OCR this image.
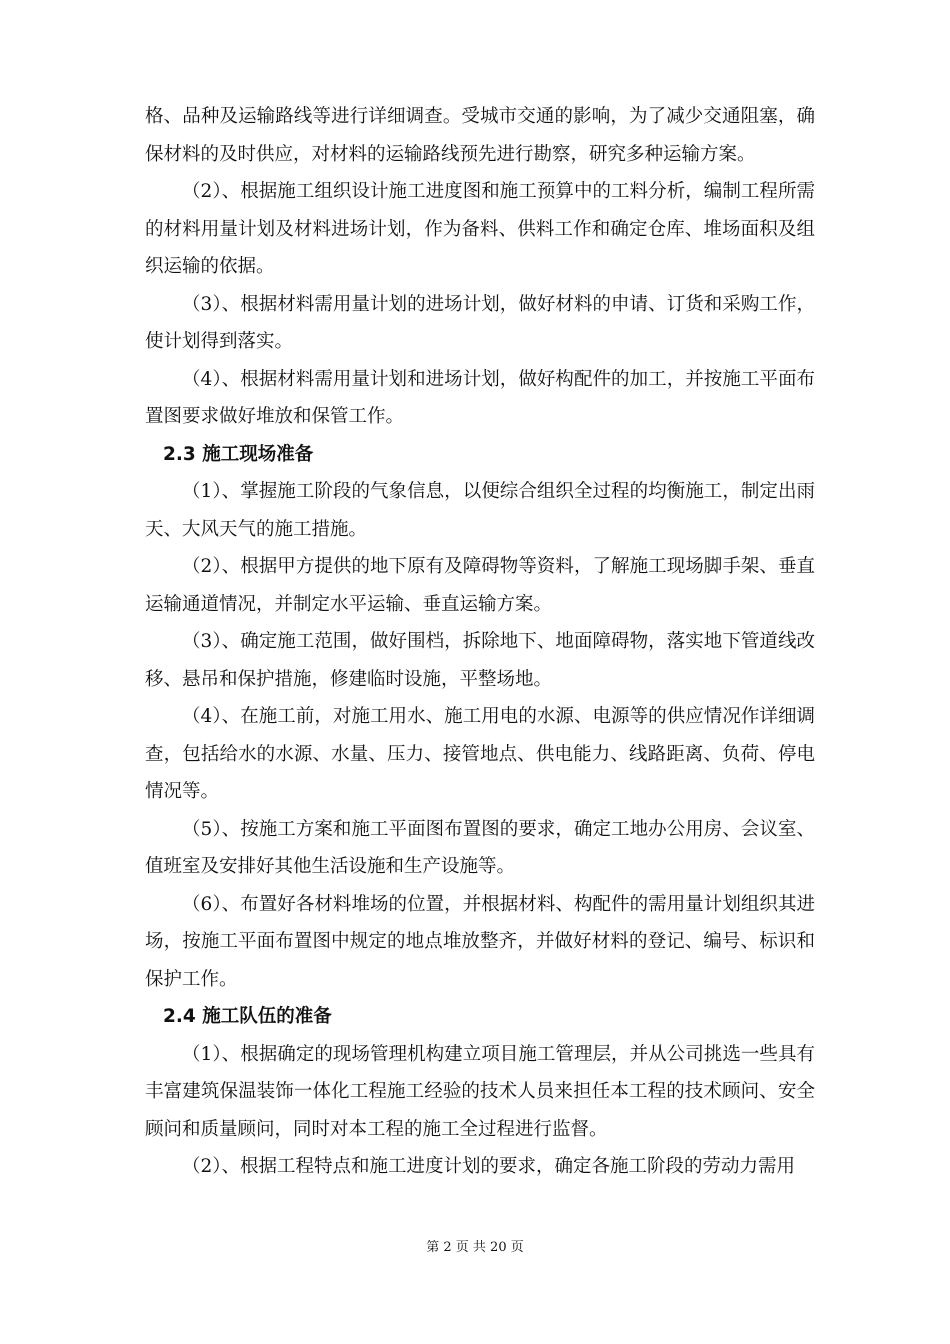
格、品种及运输路线等进行详细调查。受城市交通的影响，为了减少交通阻塞，确保材料的及时供应，对材料的运输路线预先进行勘察，研究多种运输方案。

（2）、根据施工组织设计施工进度图和施工预算中的工料分析，编制工程所需的材料用量计划及材料进场计划，作为备料、供料工作和确定仓库、堆场面积及组织运输的依据。

（3）、根据材料需用量计划的进场计划，做好材料的申请、订货和采购工作，使计划得到落实。

（4）、根据材料需用量计划和进场计划，做好构配件的加工，并按施工平面布置图要求做好堆放和保管工作。

2.3 施工现场准备

（1）、掌握施工阶段的气象信息，以便综合组织全过程的均衡施工，制定出雨天、大风天气的施工措施。

（2）、根据甲方提供的地下原有及障碍物等资料，了解施工现场脚手架、垂直运输通道情况，并制定水平运输、垂直运输方案。

（3）、确定施工范围，做好围档，拆除地下、地面障碍物，落实地下管道线改移、悬吊和保护措施，修建临时设施，平整场地。

（4）、在施工前，对施工用水、施工用电的水源、电源等的供应情况作详细调查，包括给水的水源、水量、压力、接管地点、供电能力、线路距离、负荷、停电情况等。

（5）、按施工方案和施工平面图布置图的要求，确定工地办公用房、会议室、值班室及安排好其他生活设施和生产设施等。

（6）、布置好各材料堆场的位置，并根据材料、构配件的需用量计划组织其进场，按施工平面布置图中规定的地点堆放整齐，并做好材料的登记、编号、标识和保护工作。

2.4 施工队伍的准备

（1）、根据确定的现场管理机构建立项目施工管理层，并从公司挑选一些具有丰富建筑保温装饰一体化工程施工经验的技术人员来担任本工程的技术顾问、安全顾问和质量顾问，同时对本工程的施工全过程进行监督。

（2）、根据工程特点和施工进度计划的要求，确定各施工阶段的劳动力需用

第 2 页 共 20 页
